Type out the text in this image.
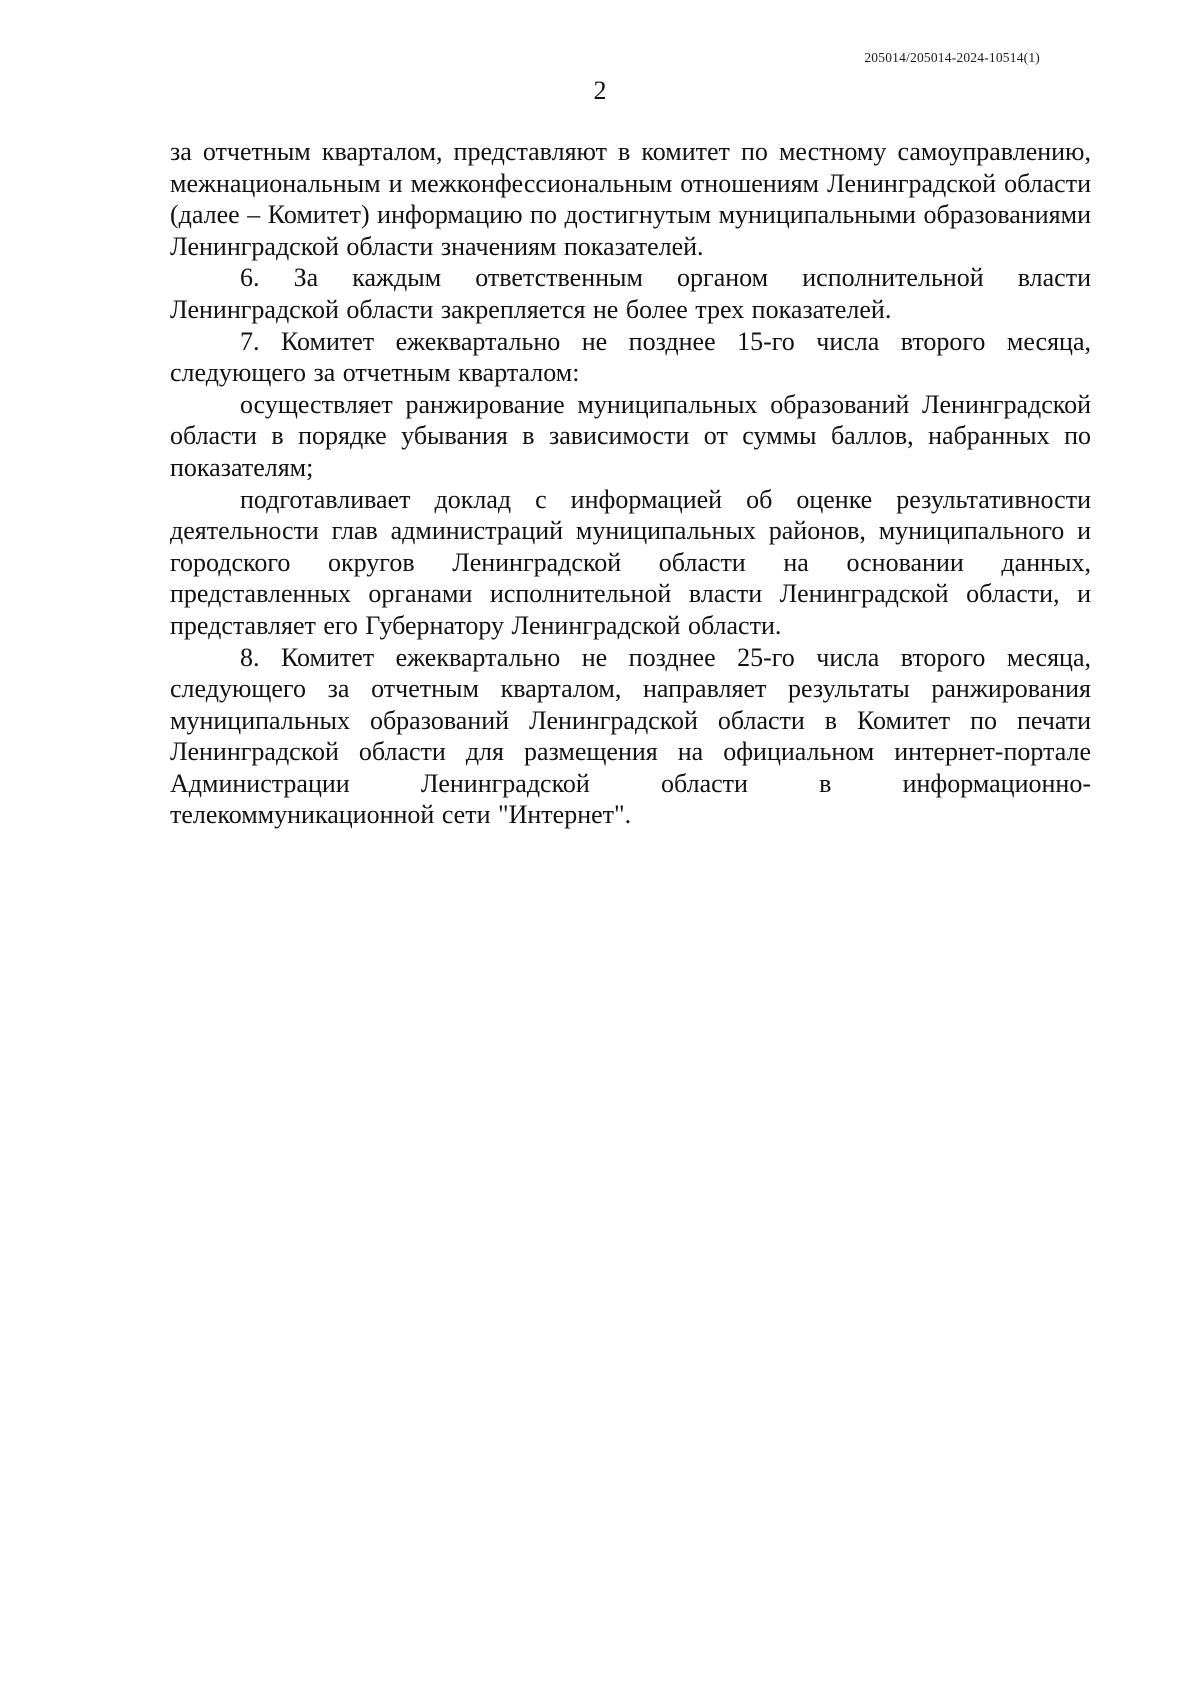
205014/205014-2024-10514(1)
2

за отчетным кварталом, представляют в комитет по местному самоуправлению, межнациональным и межконфессиональным отношениям Ленинградской области (далее – Комитет) информацию по достигнутым муниципальными образованиями Ленинградской области значениям показателей.

6. За каждым ответственным органом исполнительной власти Ленинградской области закрепляется не более трех показателей.

7. Комитет ежеквартально не позднее 15-го числа второго месяца, следующего за отчетным кварталом:

осуществляет ранжирование муниципальных образований Ленинградской области в порядке убывания в зависимости от суммы баллов, набранных по показателям;

подготавливает доклад с информацией об оценке результативности деятельности глав администраций муниципальных районов, муниципального и городского округов Ленинградской области на основании данных, представленных органами исполнительной власти Ленинградской области, и представляет его Губернатору Ленинградской области.

8. Комитет ежеквартально не позднее 25-го числа второго месяца, следующего за отчетным кварталом, направляет результаты ранжирования муниципальных образований Ленинградской области в Комитет по печати Ленинградской области для размещения на официальном интернет-портале Администрации Ленинградской области в информационно-телекоммуникационной сети "Интернет".
